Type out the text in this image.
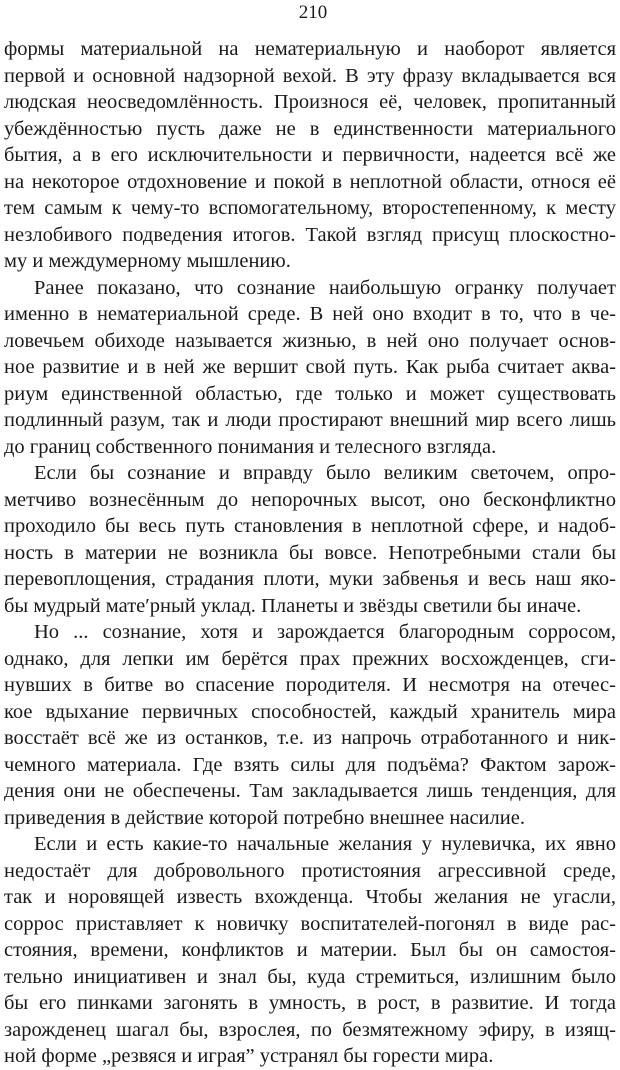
210
формы материальной на нематериальную и наоборот является
первой и основной надзорной вехой. В эту фразу вкладывается вся
людская неосведомлённость. Произнося её, человек, пропитанный
убеждённостью пусть даже не в единственности материального
бытия, а в его исключительности и первичности, надеется всё же
на некоторое отдохновение и покой в неплотной области, относя её
тем самым к чему-то вспомогательному, второстепенному, к месту
незлобивого подведения итогов. Такой взгляд присущ плоскостно-
му и междумерному мышлению.
Ранее показано, что сознание наибольшую огранку получает
именно в нематериальной среде. В ней оно входит в то, что в че-
ловечьем обиходе называется жизнью, в ней оно получает основ-
ное развитие и в ней же вершит свой путь. Как рыба считает аква-
риум единственной областью, где только и может существовать
подлинный разум, так и люди простирают внешний мир всего лишь
до границ собственного понимания и телесного взгляда.
Если бы сознание и вправду было великим светочем, опро-
метчиво вознесённым до непорочных высот, оно бесконфликтно
проходило бы весь путь становления в неплотной сфере, и надоб-
ность в материи не возникла бы вовсе. Непотребными стали бы
перевоплощения, страдания плоти, муки забвенья и весь наш яко-
бы мудрый мате′рный уклад. Планеты и звёзды светили бы иначе.
Но ... сознание, хотя и зарождается благородным сорросом,
однако, для лепки им берётся прах прежних восхожденцев, сги-
нувших в битве во спасение породителя. И несмотря на отечес-
кое вдыхание первичных способностей, каждый хранитель мира
восстаёт всё же из останков, т.е. из напрочь отработанного и ник-
чемного материала. Где взять силы для подъёма? Фактом зарож-
дения они не обеспечены. Там закладывается лишь тенденция, для
приведения в действие которой потребно внешнее насилие.
Если и есть какие-то начальные желания у нулевичка, их явно
недостаёт для добровольного протистояния агрессивной среде,
так и норовящей известь вхожденца. Чтобы желания не угасли,
соррос приставляет к новичку воспитателей-погонял в виде рас-
стояния, времени, конфликтов и материи. Был бы он самостоя-
тельно инициативен и знал бы, куда стремиться, излишним было
бы его пинками загонять в умность, в рост, в развитие. И тогда
зарожденец шагал бы, взрослея, по безмятежному эфиру, в изящ-
ной форме „резвяся и играя” устранял бы горести мира.
